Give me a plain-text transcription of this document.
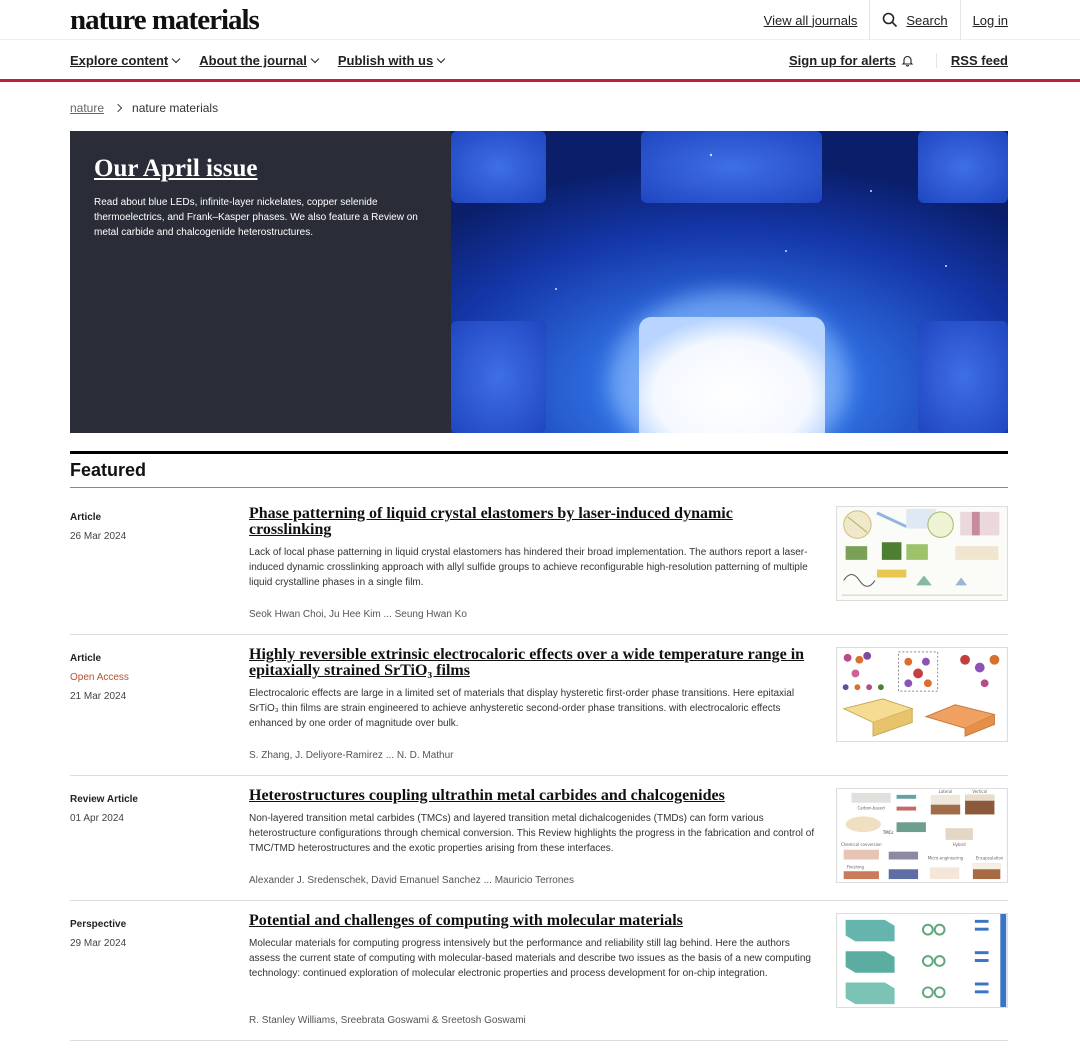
nature materials	View all journals	Search	Log in
Explore content About the journal Publish with us	Sign up for alerts	RSS feed
nature nature materials
Our April issue
Read about blue LEDs, infinite-layer nickelates, copper selenide thermoelectrics, and Frank–Kasper phases. We also feature a Review on metal carbide and chalcogenide heterostructures.
Featured
Article
26 Mar 2024
Phase patterning of liquid crystal elastomers by laser-induced dynamic crosslinking
Lack of local phase patterning in liquid crystal elastomers has hindered their broad implementation. The authors report a laser-induced dynamic crosslinking approach with allyl sulfide groups to achieve reconfigurable high-resolution patterning of multiple liquid crystalline phases in a single film.
Seok Hwan Choi, Ju Hee Kim ... Seung Hwan Ko
Article
Open Access
21 Mar 2024
Highly reversible extrinsic electrocaloric effects over a wide temperature range in epitaxially strained SrTiO₃ films
Electrocaloric effects are large in a limited set of materials that display hysteretic first-order phase transitions. Here epitaxial SrTiO₃ thin films are strain engineered to achieve anhysteretic second-order phase transitions. with electrocaloric effects enhanced by one order of magnitude over bulk.
S. Zhang, J. Deliyore-Ramirez ... N. D. Mathur
Review Article
01 Apr 2024
Heterostructures coupling ultrathin metal carbides and chalcogenides
Non-layered transition metal carbides (TMCs) and layered transition metal dichalcogenides (TMDs) can form various heterostructure configurations through chemical conversion. This Review highlights the progress in the fabrication and control of TMC/TMD heterostructures and the exotic properties arising from these interfaces.
Alexander J. Sredenschek, David Emanuel Sanchez ... Mauricio Terrones
Carbon-based
Lateral	Vertical
TMCs
Hybrid
Chemical conversion
Micro-engineering	Encapsulation
Finishing
Perspective
29 Mar 2024
Potential and challenges of computing with molecular materials
Molecular materials for computing progress intensively but the performance and reliability still lag behind. Here the authors assess the current state of computing with molecular-based materials and describe two issues as the basis of a new computing technology: continued exploration of molecular electronic properties and process development for on-chip integration.
R. Stanley Williams, Sreebrata Goswami & Sreetosh Goswami
